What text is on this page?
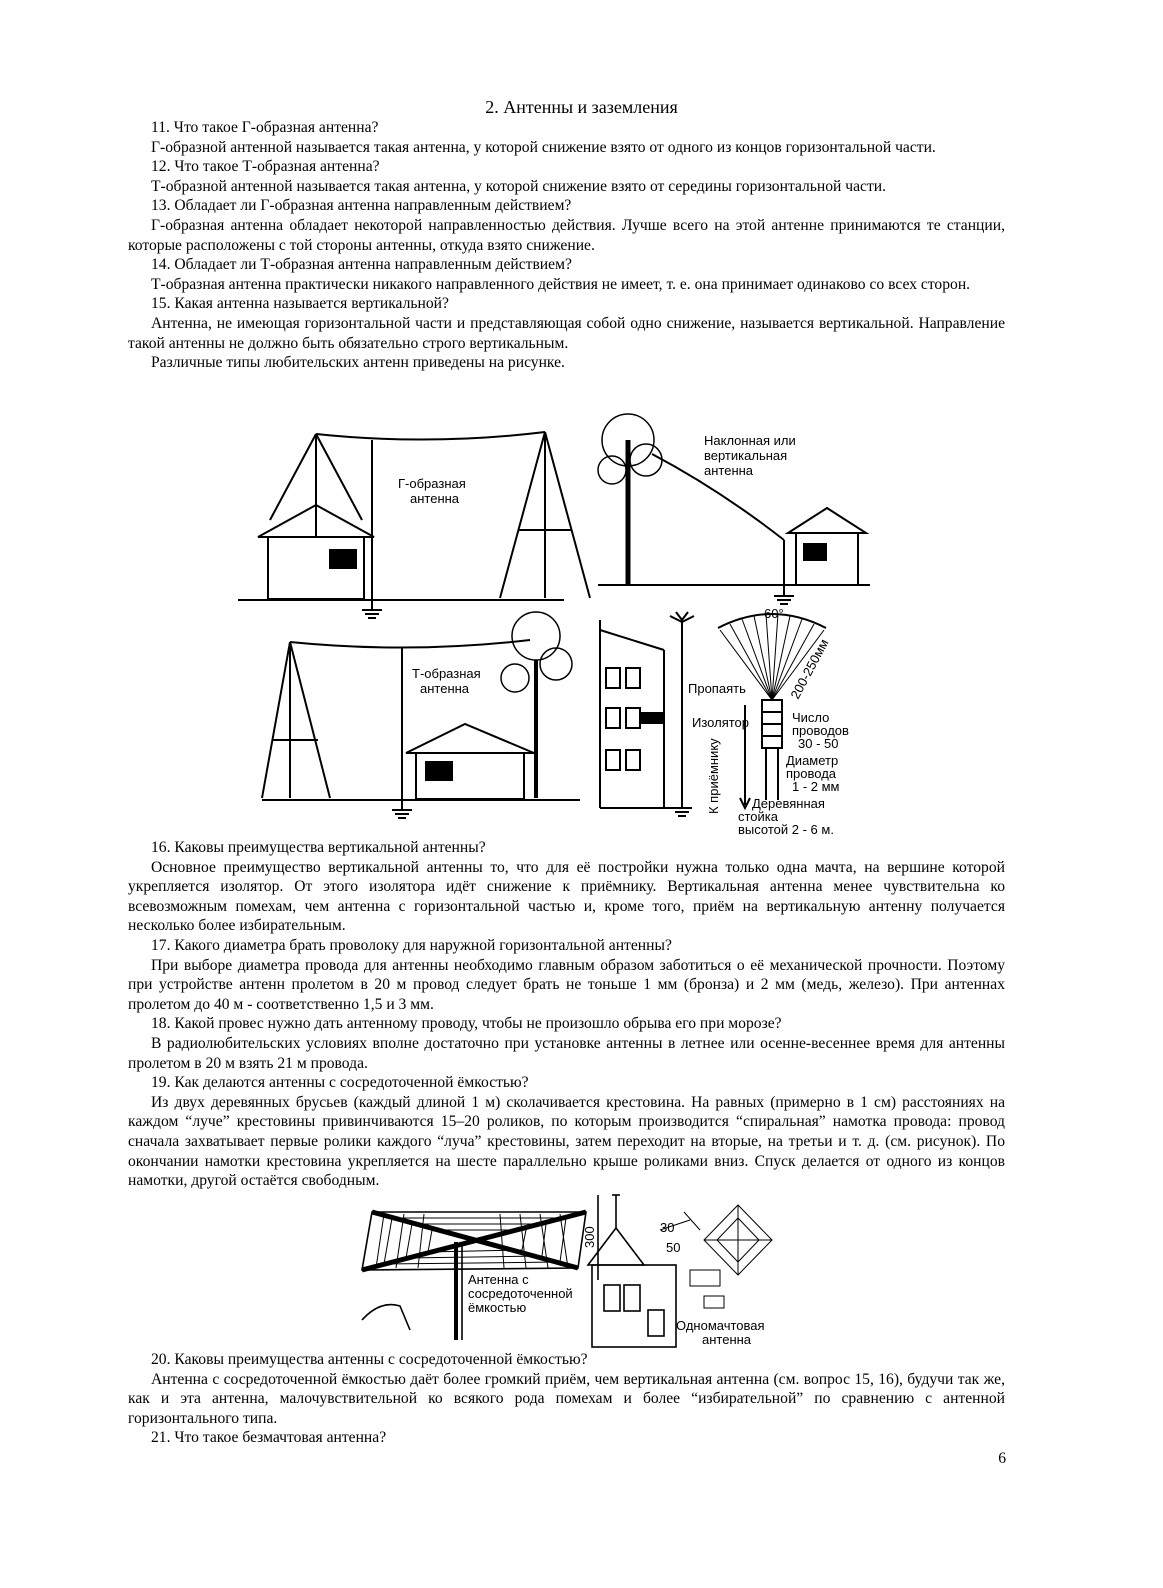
2. Антенны и заземления

11. Что такое Г-образная антенна?

Г-образной антенной называется такая антенна, у которой снижение взято от одного из концов горизонтальной части.

12. Что такое Т-образная антенна?

Т-образной антенной называется такая антенна, у которой снижение взято от середины горизонтальной части.

13. Обладает ли Г-образная антенна направленным действием?

Г-образная антенна обладает некоторой направленностью действия. Лучше всего на этой антенне принимаются те станции, которые расположены с той стороны антенны, откуда взято снижение.

14. Обладает ли Т-образная антенна направленным действием?

Т-образная антенна практически никакого направленного действия не имеет, т. е. она принимает одинаково со всех сторон.

15. Какая антенна называется вертикальной?

Антенна, не имеющая горизонтальной части и представляющая собой одно снижение, называется вертикальной. Направление такой антенны не должно быть обязательно строго вертикальным.

Различные типы любительских антенн приведены на рисунке.

Г-образная
антенна
Наклонная или
вертикальная
антенна
Т-образная
антенна
60°
200-250мм
Пропаять
Изолятор
К приёмнику
Число
проводов
30 - 50
Диаметр
провода
1 - 2 мм
Деревянная
стойка
высотой 2 - 6 м.

16. Каковы преимущества вертикальной антенны?

Основное преимущество вертикальной антенны то, что для её постройки нужна только одна мачта, на вершине которой укрепляется изолятор. От этого изолятора идёт снижение к приёмнику. Вертикальная антенна менее чувствительна ко всевозможным помехам, чем антенна с горизонтальной частью и, кроме того, приём на вертикальную антенну получается несколько более избирательным.

17. Какого диаметра брать проволоку для наружной горизонтальной антенны?

При выборе диаметра провода для антенны необходимо главным образом заботиться о её механической прочности. Поэтому при устройстве антенн пролетом в 20 м провод следует брать не тоньше 1 мм (бронза) и 2 мм (медь, железо). При антеннах пролетом до 40 м - соответственно 1,5 и 3 мм.

18. Какой провес нужно дать антенному проводу, чтобы не произошло обрыва его при морозе?

В радиолюбительских условиях вполне достаточно при установке антенны в летнее или осенне-весеннее время для антенны пролетом в 20 м взять 21 м провода.

19. Как делаются антенны с сосредоточенной ёмкостью?

Из двух деревянных брусьев (каждый длиной 1 м) сколачивается крестовина. На равных (примерно в 1 см) расстояниях на каждом “луче” крестовины привинчиваются 15–20 роликов, по которым производится “спиральная” намотка провода: провод сначала захватывает первые ролики каждого “луча” крестовины, затем переходит на вторые, на третьи и т. д. (см. рисунок). По окончании намотки крестовина укрепляется на шесте параллельно крыше роликами вниз. Спуск делается от одного из концов намотки, другой остаётся свободным.

Антенна с
сосредоточенной
ёмкостью
300	30
50
Одномачтовая
антенна

20. Каковы преимущества антенны с сосредоточенной ёмкостью?

Антенна с сосредоточенной ёмкостью даёт более громкий приём, чем вертикальная антенна (см. вопрос 15, 16), будучи так же, как и эта антенна, малочувствительной ко всякого рода помехам и более “избирательной” по сравнению с антенной горизонтального типа.

21. Что такое безмачтовая антенна?

6
